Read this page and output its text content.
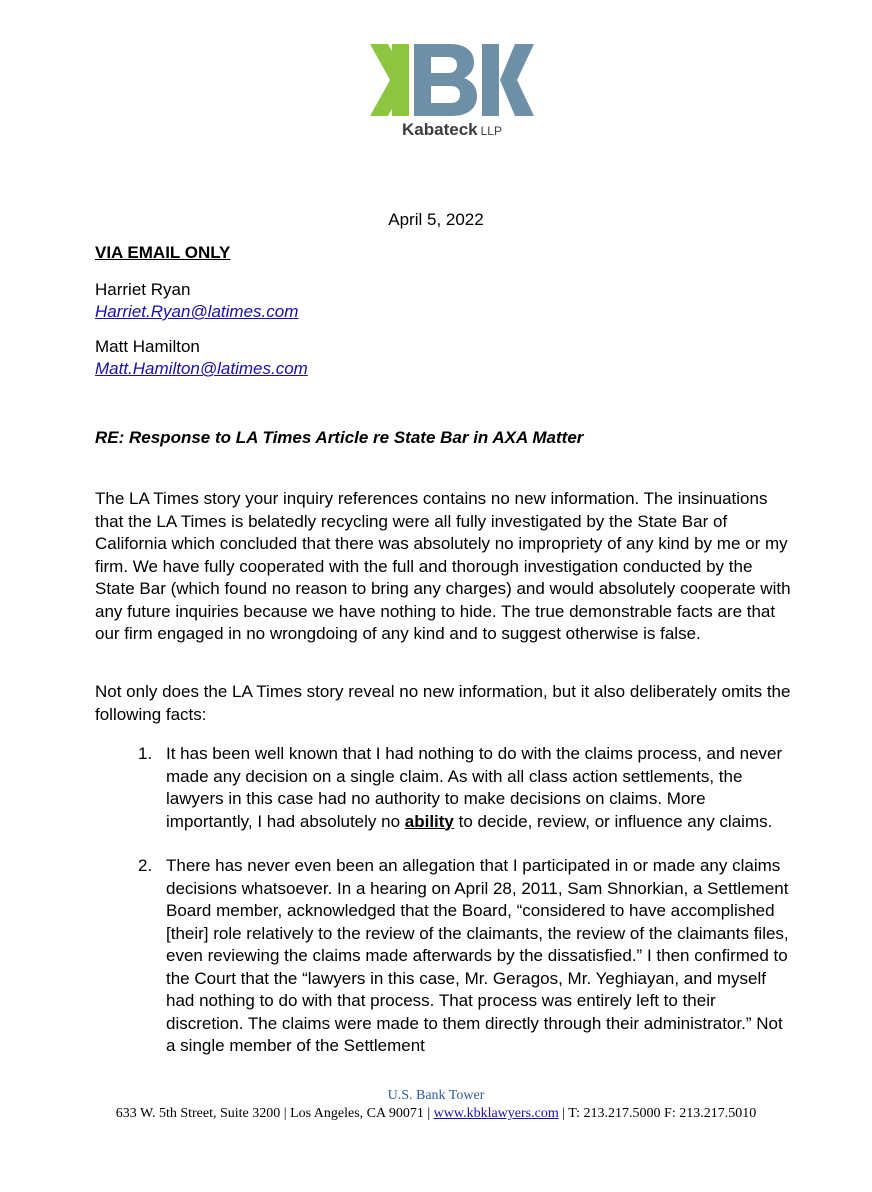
Kabateck LLP
April 5, 2022
VIA EMAIL ONLY
Harriet Ryan
Harriet.Ryan@latimes.com
Matt Hamilton
Matt.Hamilton@latimes.com
RE: Response to LA Times Article re State Bar in AXA Matter

The LA Times story your inquiry references contains no new information. The insinuations that the LA Times is belatedly recycling were all fully investigated by the State Bar of California which concluded that there was absolutely no impropriety of any kind by me or my firm. We have fully cooperated with the full and thorough investigation conducted by the State Bar (which found no reason to bring any charges) and would absolutely cooperate with any future inquiries because we have nothing to hide. The true demonstrable facts are that our firm engaged in no wrongdoing of any kind and to suggest otherwise is false.

Not only does the LA Times story reveal no new information, but it also deliberately omits the following facts:

1. It has been well known that I had nothing to do with the claims process, and never made any decision on a single claim. As with all class action settlements, the lawyers in this case had no authority to make decisions on claims. More importantly, I had absolutely no ability to decide, review, or influence any claims.
2. There has never even been an allegation that I participated in or made any claims decisions whatsoever. In a hearing on April 28, 2011, Sam Shnorkian, a Settlement Board member, acknowledged that the Board, “considered to have accomplished [their] role relatively to the review of the claimants, the review of the claimants files, even reviewing the claims made afterwards by the dissatisfied.” I then confirmed to the Court that the “lawyers in this case, Mr. Geragos, Mr. Yeghiayan, and myself had nothing to do with that process. That process was entirely left to their discretion. The claims were made to them directly through their administrator.” Not a single member of the Settlement
U.S. Bank Tower
633 W. 5th Street, Suite 3200 | Los Angeles, CA 90071 | www.kbklawyers.com | T: 213.217.5000 F: 213.217.5010
